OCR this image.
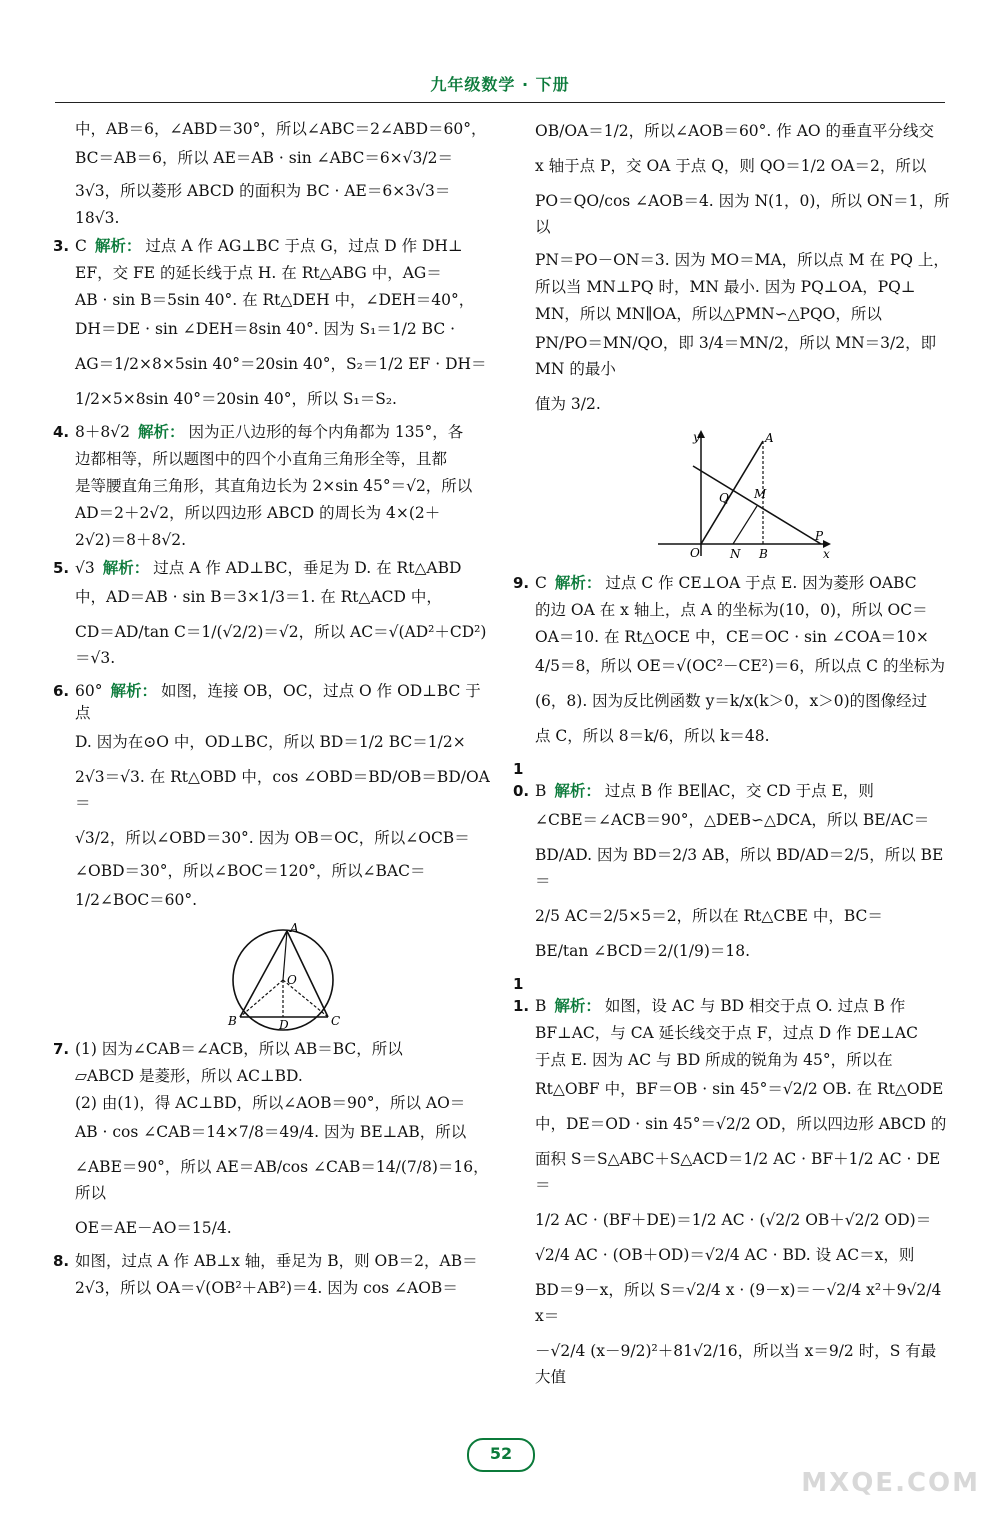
九年级数学 · 下册

中，AB＝6，∠ABD＝30°，所以∠ABC＝2∠ABD＝60°，

BC＝AB＝6，所以 AE＝AB · sin ∠ABC＝6×√3/2＝

3√3，所以菱形 ABCD 的面积为 BC · AE＝6×3√3＝

18√3.

3. C 解析： 过点 A 作 AG⊥BC 于点 G，过点 D 作 DH⊥

EF，交 FE 的延长线于点 H. 在 Rt△ABG 中，AG＝

AB · sin B＝5sin 40°. 在 Rt△DEH 中，∠DEH＝40°，

DH＝DE · sin ∠DEH＝8sin 40°. 因为 S₁＝1/2 BC ·

AG＝1/2×8×5sin 40°＝20sin 40°，S₂＝1/2 EF · DH＝

1/2×5×8sin 40°＝20sin 40°，所以 S₁＝S₂.

4. 8＋8√2 解析： 因为正八边形的每个内角都为 135°，各

边都相等，所以题图中的四个小直角三角形全等，且都

是等腰直角三角形，其直角边长为 2×sin 45°＝√2，所以

AD＝2＋2√2，所以四边形 ABCD 的周长为 4×(2＋

2√2)＝8＋8√2.

5. √3 解析： 过点 A 作 AD⊥BC，垂足为 D. 在 Rt△ABD

中，AD＝AB · sin B＝3×1/3＝1. 在 Rt△ACD 中，

CD＝AD/tan C＝1/(√2/2)＝√2，所以 AC＝√(AD²＋CD²)＝√3.

6. 60° 解析： 如图，连接 OB，OC，过点 O 作 OD⊥BC 于点

D. 因为在⊙O 中，OD⊥BC，所以 BD＝1/2 BC＝1/2×

2√3＝√3. 在 Rt△OBD 中，cos ∠OBD＝BD/OB＝BD/OA＝

√3/2，所以∠OBD＝30°. 因为 OB＝OC，所以∠OCB＝

∠OBD＝30°，所以∠BOC＝120°，所以∠BAC＝

1/2∠BOC＝60°.

A
O
B	C
D

7. (1) 因为∠CAB＝∠ACB，所以 AB＝BC，所以

▱ABCD 是菱形，所以 AC⊥BD.

(2) 由(1)，得 AC⊥BD，所以∠AOB＝90°，所以 AO＝

AB · cos ∠CAB＝14×7/8＝49/4. 因为 BE⊥AB，所以

∠ABE＝90°，所以 AE＝AB/cos ∠CAB＝14/(7/8)＝16，所以

OE＝AE－AO＝15/4.

8. 如图，过点 A 作 AB⊥x 轴，垂足为 B，则 OB＝2，AB＝

2√3，所以 OA＝√(OB²＋AB²)＝4. 因为 cos ∠AOB＝

OB/OA＝1/2，所以∠AOB＝60°. 作 AO 的垂直平分线交

x 轴于点 P，交 OA 于点 Q，则 QO＝1/2 OA＝2，所以

PO＝QO/cos ∠AOB＝4. 因为 N(1，0)，所以 ON＝1，所以

PN＝PO－ON＝3. 因为 MO＝MA，所以点 M 在 PQ 上，

所以当 MN⊥PQ 时，MN 最小. 因为 PQ⊥OA，PQ⊥

MN，所以 MN∥OA，所以△PMN∽△PQO，所以

PN/PO＝MN/QO，即 3/4＝MN/2，所以 MN＝3/2，即 MN 的最小

值为 3/2.

y
x
A
Q M
O	N B
P

9. C 解析： 过点 C 作 CE⊥OA 于点 E. 因为菱形 OABC

的边 OA 在 x 轴上，点 A 的坐标为(10，0)，所以 OC＝

OA＝10. 在 Rt△OCE 中，CE＝OC · sin ∠COA＝10×

4/5＝8，所以 OE＝√(OC²－CE²)＝6，所以点 C 的坐标为

(6，8). 因为反比例函数 y＝k/x(k＞0，x＞0)的图像经过

点 C，所以 8＝k/6，所以 k＝48.

10. B 解析： 过点 B 作 BE∥AC，交 CD 于点 E，则

∠CBE＝∠ACB＝90°，△DEB∽△DCA，所以 BE/AC＝

BD/AD. 因为 BD＝2/3 AB，所以 BD/AD＝2/5，所以 BE＝

2/5 AC＝2/5×5＝2，所以在 Rt△CBE 中，BC＝

BE/tan ∠BCD＝2/(1/9)＝18.

11. B 解析： 如图，设 AC 与 BD 相交于点 O. 过点 B 作

BF⊥AC，与 CA 延长线交于点 F，过点 D 作 DE⊥AC

于点 E. 因为 AC 与 BD 所成的锐角为 45°，所以在

Rt△OBF 中，BF＝OB · sin 45°＝√2/2 OB. 在 Rt△ODE

中，DE＝OD · sin 45°＝√2/2 OD，所以四边形 ABCD 的

面积 S＝S△ABC＋S△ACD＝1/2 AC · BF＋1/2 AC · DE＝

1/2 AC · (BF＋DE)＝1/2 AC · (√2/2 OB＋√2/2 OD)＝

√2/4 AC · (OB＋OD)＝√2/4 AC · BD. 设 AC＝x，则

BD＝9－x，所以 S＝√2/4 x · (9－x)＝－√2/4 x²＋9√2/4 x＝

－√2/4 (x－9/2)²＋81√2/16，所以当 x＝9/2 时，S 有最大值

52
MXQE.COM
